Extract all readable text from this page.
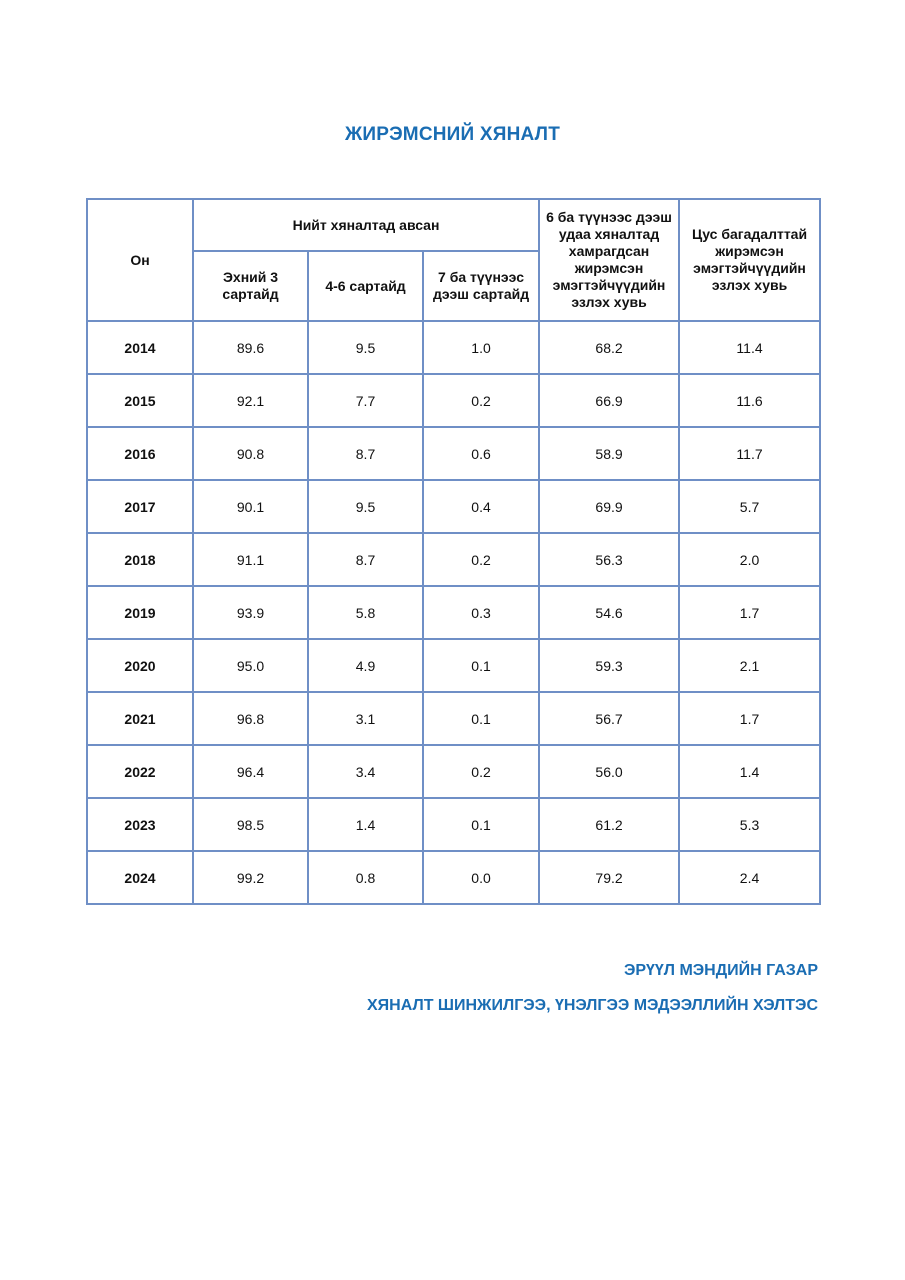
ЖИРЭМСНИЙ ХЯНАЛТ
Он	Нийт хяналтад авсан			6 ба түүнээс дээш удаа хяналтад хамрагдсан жирэмсэн эмэгтэйчүүдийн эзлэх хувь	Цус багадалттай жирэмсэн эмэгтэйчүүдийн эзлэх хувь
	Эхний 3 сартайд	4-6 сартайд	7 ба түүнээс дээш сартайд		
2014	89.6	9.5	1.0	68.2	11.4
2015	92.1	7.7	0.2	66.9	11.6
2016	90.8	8.7	0.6	58.9	11.7
2017	90.1	9.5	0.4	69.9	5.7
2018	91.1	8.7	0.2	56.3	2.0
2019	93.9	5.8	0.3	54.6	1.7
2020	95.0	4.9	0.1	59.3	2.1
2021	96.8	3.1	0.1	56.7	1.7
2022	96.4	3.4	0.2	56.0	1.4
2023	98.5	1.4	0.1	61.2	5.3
2024	99.2	0.8	0.0	79.2	2.4
ЭРҮҮЛ МЭНДИЙН ГАЗАР
ХЯНАЛТ ШИНЖИЛГЭЭ, ҮНЭЛГЭЭ МЭДЭЭЛЛИЙН ХЭЛТЭС
